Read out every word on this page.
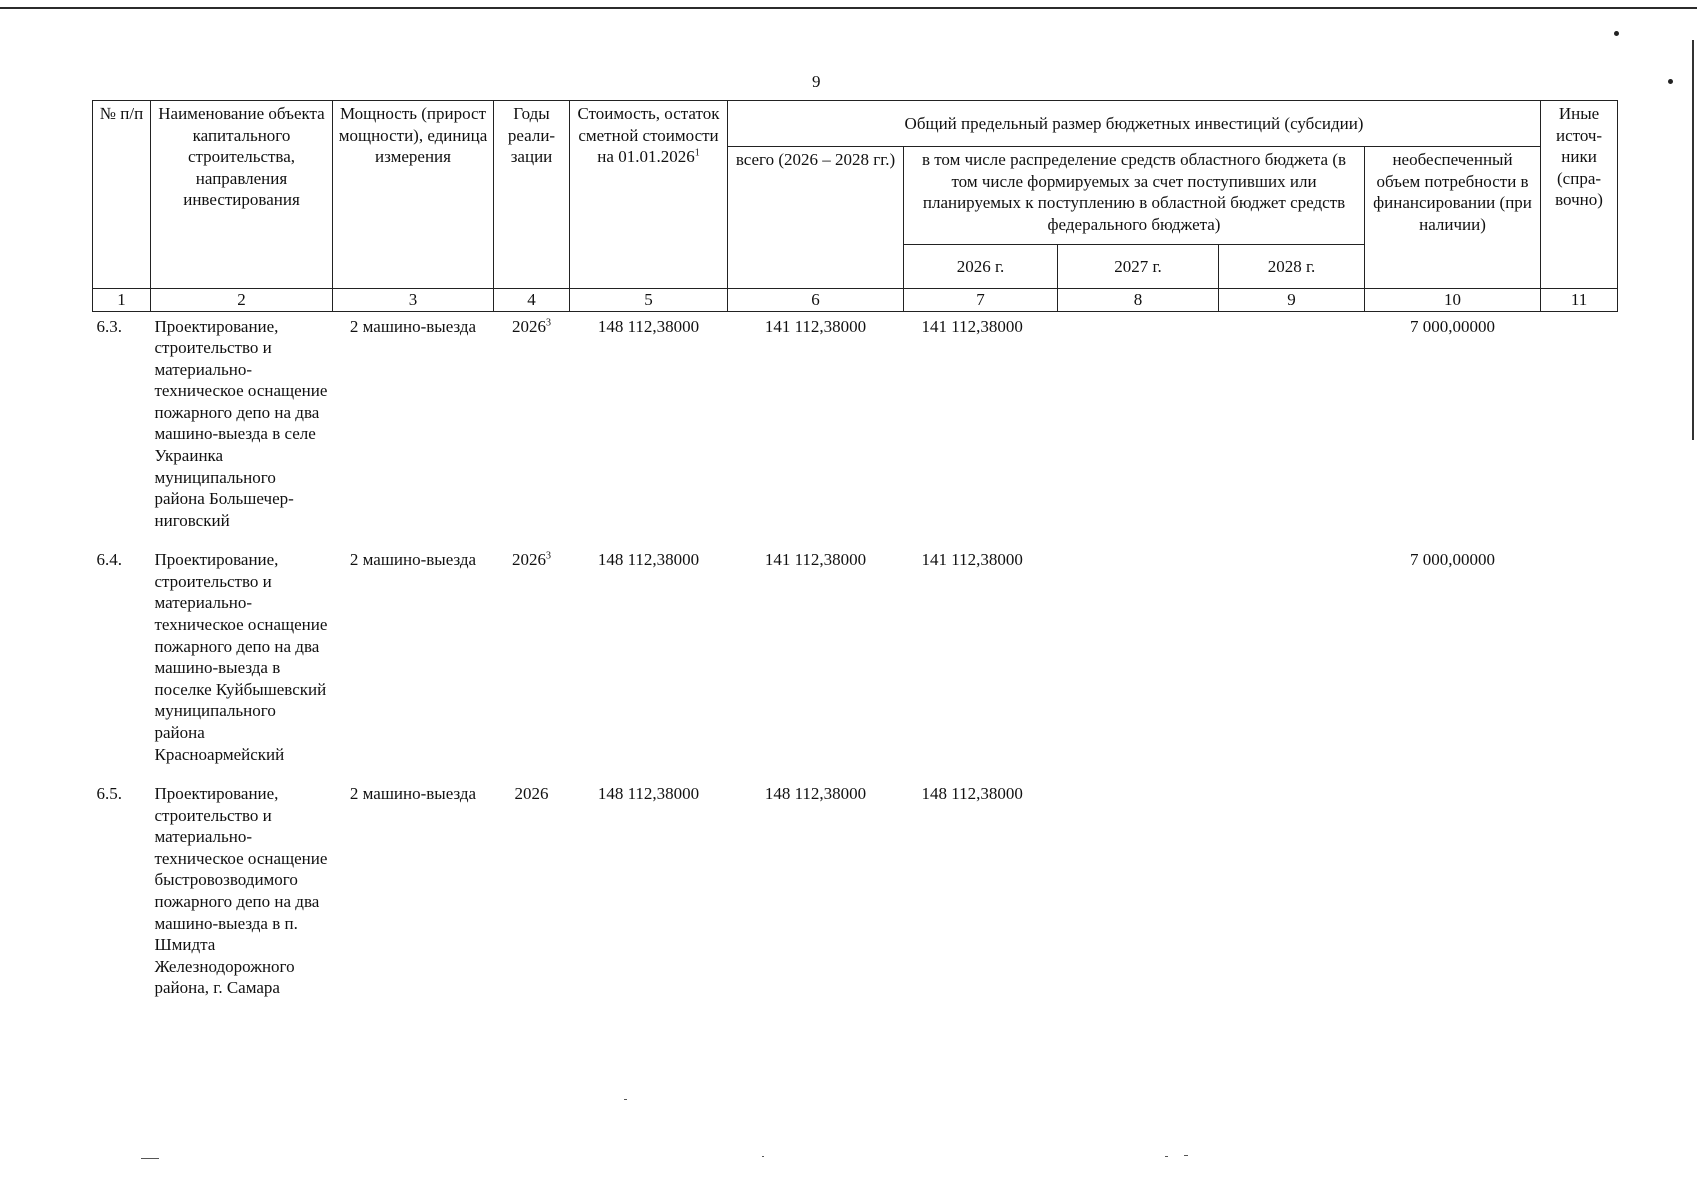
9
№ п/п	Наименование объекта капитального строительства, направления инвестирования	Мощность (прирост мощности), единица измерения	Годы реали-зации	Стоимость, остаток сметной стоимости на 01.01.2026$^1$	Общий предельный размер бюджетных инвестиций (субсидии)					Иные источ-ники (спра-вочно)
					всего (2026 – 2028 гг.)	в том числе распределение средств областного бюджета (в том числе формируемых за счет поступивших или планируемых к поступлению в областной бюджет средств федерального бюджета)			необеспеченный объем потребности в финансировании (при наличии)	
						2026 г.	2027 г.	2028 г.		
1	2	3	4	5	6	7	8	9	10	11
6.3.	Проектирование, строительство и материально-техническое оснащение пожарного депо на два машино-выезда в селе Украинка муниципального района Большечер-ниговский	2 машино-выезда	2026$^3$	148 112,38000	141 112,38000	141 112,38000			7 000,00000	
6.4.	Проектирование, строительство и материально-техническое оснащение пожарного депо на два машино-выезда в поселке Куйбышевский муниципального района Красноармейский	2 машино-выезда	2026$^3$	148 112,38000	141 112,38000	141 112,38000			7 000,00000	
6.5.	Проектирование, строительство и материально-техническое оснащение быстровозводимого пожарного депо на два машино-выезда в п. Шмидта Железнодорожного района, г. Самара	2 машино-выезда	2026	148 112,38000	148 112,38000	148 112,38000				
